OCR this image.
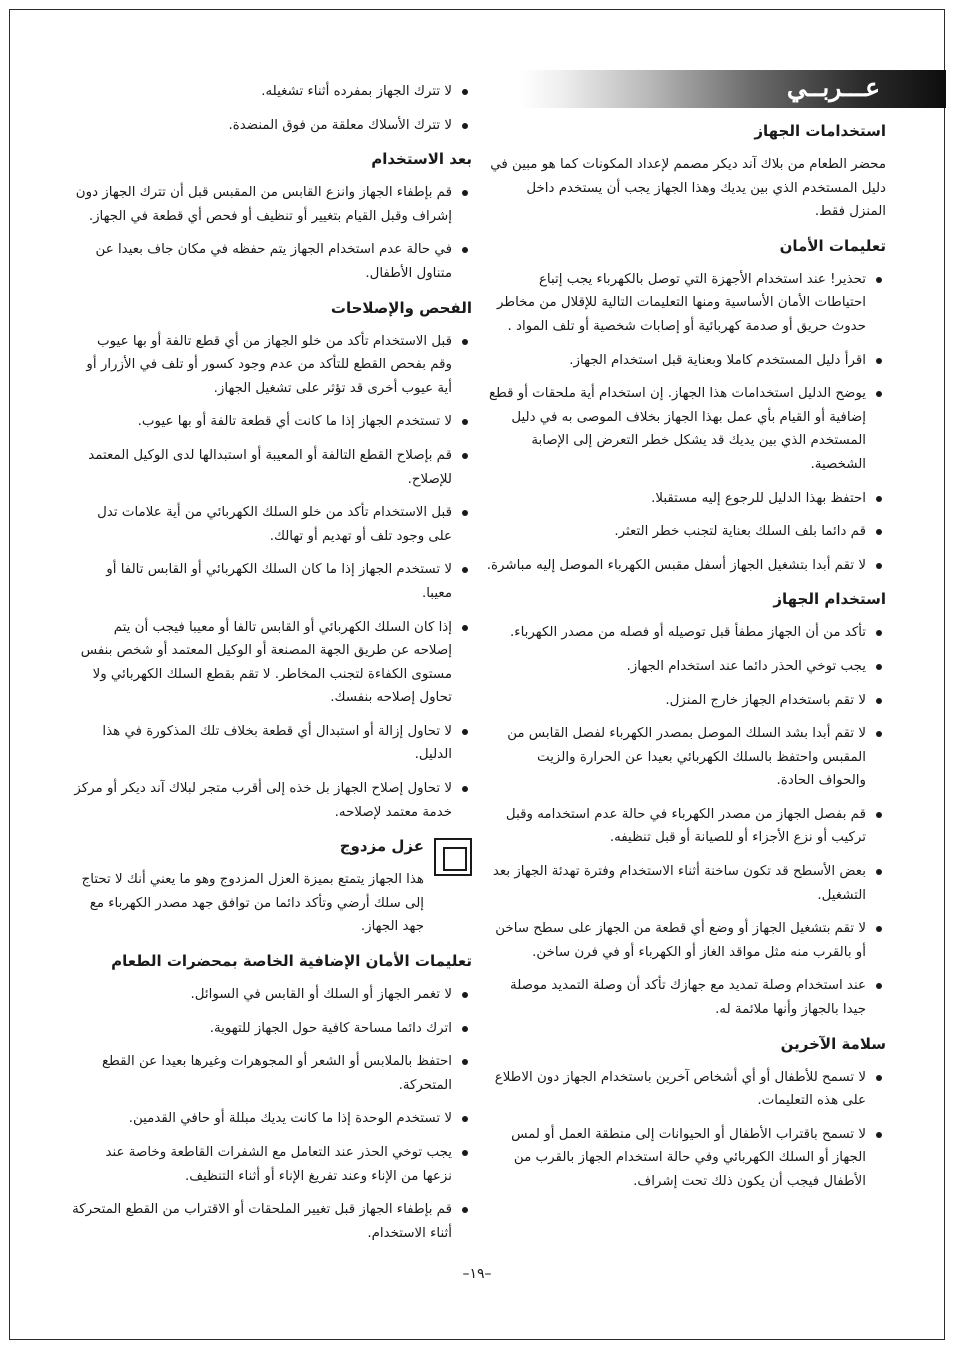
عـــربــي
استخدامات الجهاز
محضر الطعام من بلاك آند ديكر مصمم لإعداد المكونات كما هو مبين في دليل المستخدم الذي بين يديك وهذا الجهاز يجب أن يستخدم داخل المنزل فقط.
تعليمات الأمان
تحذير! عند استخدام الأجهزة التي توصل بالكهرباء يجب إتباع احتياطات الأمان الأساسية ومنها التعليمات التالية للإقلال من مخاطر حدوث حريق أو صدمة كهربائية أو إصابات شخصية أو تلف المواد .
اقرأ دليل المستخدم كاملا وبعناية قبل استخدام الجهاز.
يوضح الدليل استخدامات هذا الجهاز. إن استخدام أية ملحقات أو قطع إضافية أو القيام بأي عمل بهذا الجهاز بخلاف الموصى به في دليل المستخدم الذي بين يديك قد يشكل خطر التعرض إلى الإصابة الشخصية.
احتفظ بهذا الدليل للرجوع إليه مستقبلا.
قم دائما بلف السلك بعناية لتجنب خطر التعثر.
لا تقم أبدا بتشغيل الجهاز أسفل مقبس الكهرباء الموصل إليه مباشرة.
استخدام الجهاز
تأكد من أن الجهاز مطفأ قبل توصيله أو فصله من مصدر الكهرباء.
يجب توخي الحذر دائما عند استخدام الجهاز.
لا تقم باستخدام الجهاز خارج المنزل.
لا تقم أبدا بشد السلك الموصل بمصدر الكهرباء لفصل القابس من المقبس واحتفظ بالسلك الكهربائي بعيدا عن الحرارة والزيت والحواف الحادة.
قم بفصل الجهاز من مصدر الكهرباء في حالة عدم استخدامه وقبل تركيب أو نزع الأجزاء أو للصيانة أو قبل تنظيفه.
بعض الأسطح قد تكون ساخنة أثناء الاستخدام وفترة تهدئة الجهاز بعد التشغيل.
لا تقم بتشغيل الجهاز أو وضع أي قطعة من الجهاز على سطح ساخن أو بالقرب منه مثل مواقد الغاز أو الكهرباء أو في فرن ساخن.
عند استخدام وصلة تمديد مع جهازك تأكد أن وصلة التمديد موصلة جيدا بالجهاز وأنها ملائمة له.
سلامة الآخرين
لا تسمح للأطفال أو أي أشخاص آخرين باستخدام الجهاز دون الاطلاع على هذه التعليمات.
لا تسمح باقتراب الأطفال أو الحيوانات إلى منطقة العمل أو لمس الجهاز أو السلك الكهربائي وفي حالة استخدام الجهاز بالقرب من الأطفال فيجب أن يكون ذلك تحت إشراف.
لا تترك الجهاز بمفرده أثناء تشغيله.
لا تترك الأسلاك معلقة من فوق المنضدة.
بعد الاستخدام
قم بإطفاء الجهاز وانزع القابس من المقبس قبل أن تترك الجهاز دون إشراف وقبل القيام بتغيير أو تنظيف أو فحص أي قطعة في الجهاز.
في حالة عدم استخدام الجهاز يتم حفظه في مكان جاف بعيدا عن متناول الأطفال.
الفحص والإصلاحات
قبل الاستخدام تأكد من خلو الجهاز من أي قطع تالفة أو بها عيوب وقم بفحص القطع للتأكد من عدم وجود كسور أو تلف في الأزرار أو أية عيوب أخرى قد تؤثر على تشغيل الجهاز.
لا تستخدم الجهاز إذا ما كانت أي قطعة تالفة أو بها عيوب.
قم بإصلاح القطع التالفة أو المعيبة أو استبدالها لدى الوكيل المعتمد للإصلاح.
قبل الاستخدام تأكد من خلو السلك الكهربائي من أية علامات تدل على وجود تلف أو تهديم أو تهالك.
لا تستخدم الجهاز إذا ما كان السلك الكهربائي أو القابس تالفا أو معيبا.
إذا كان السلك الكهربائي أو القابس تالفا أو معيبا فيجب أن يتم إصلاحه عن طريق الجهة المصنعة أو الوكيل المعتمد أو شخص بنفس مستوى الكفاءة لتجنب المخاطر. لا تقم بقطع السلك الكهربائي ولا تحاول إصلاحه بنفسك.
لا تحاول إزالة أو استبدال أي قطعة بخلاف تلك المذكورة في هذا الدليل.
لا تحاول إصلاح الجهاز بل خذه إلى أقرب متجر لبلاك آند ديكر أو مركز خدمة معتمد لإصلاحه.
عزل مزدوج
هذا الجهاز يتمتع بميزة العزل المزدوج وهو ما يعني أنك لا تحتاج إلى سلك أرضي وتأكد دائما من توافق جهد مصدر الكهرباء مع جهد الجهاز.
تعليمات الأمان الإضافية الخاصة بمحضرات الطعام
لا تغمر الجهاز أو السلك أو القابس في السوائل.
اترك دائما مساحة كافية حول الجهاز للتهوية.
احتفظ بالملابس أو الشعر أو المجوهرات وغيرها بعيدا عن القطع المتحركة.
لا تستخدم الوحدة إذا ما كانت يديك مبللة أو حافي القدمين.
يجب توخي الحذر عند التعامل مع الشفرات القاطعة وخاصة عند نزعها من الإناء وعند تفريغ الإناء أو أثناء التنظيف.
قم بإطفاء الجهاز قبل تغيير الملحقات أو الاقتراب من القطع المتحركة أثناء الاستخدام.
–١٩–
